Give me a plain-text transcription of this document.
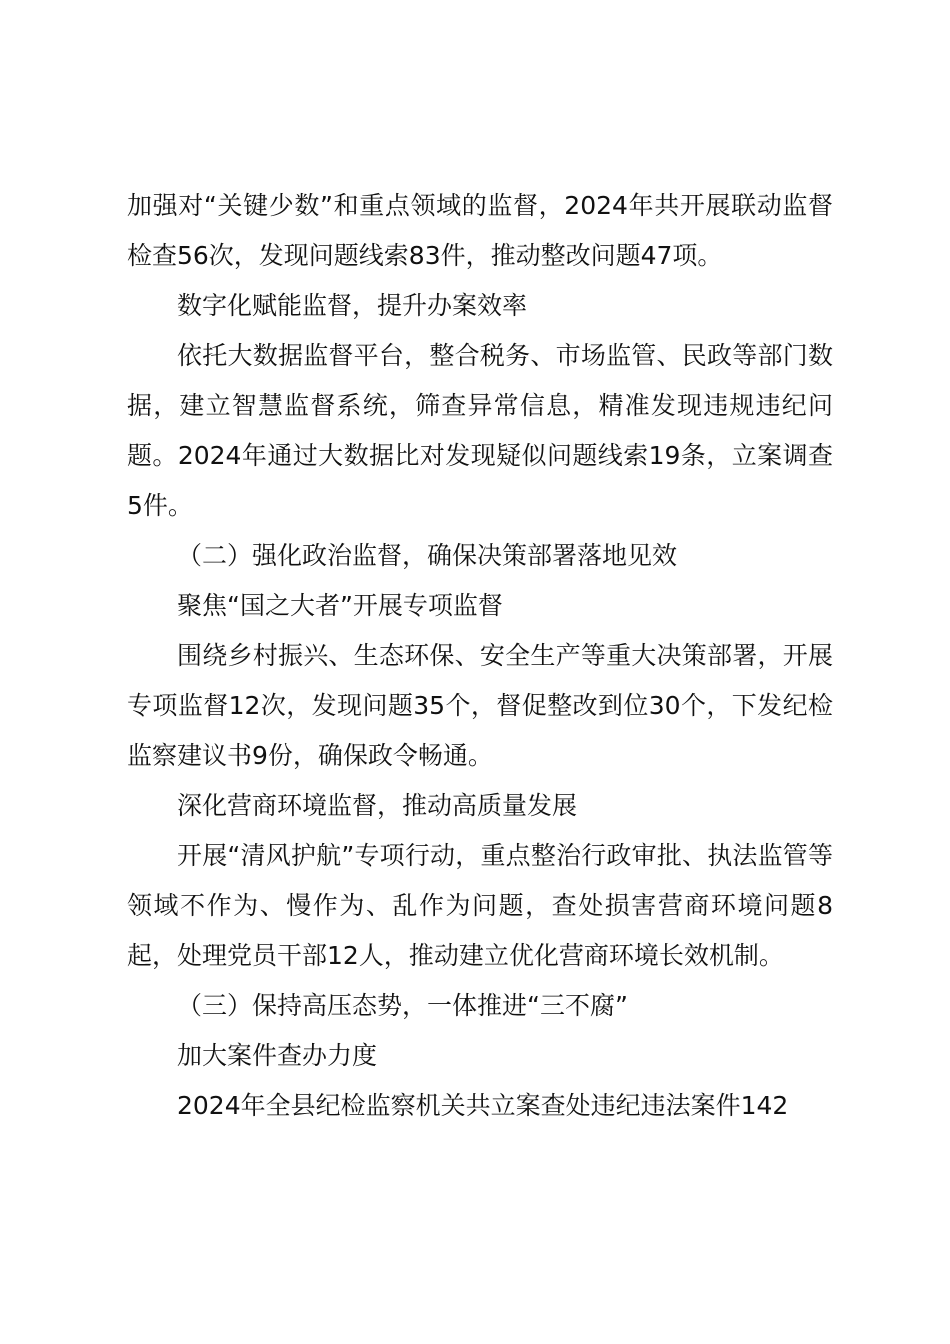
加强对“关键少数”和重点领域的监督，2024年共开展联动监督检查56次，发现问题线索83件，推动整改问题47项。

数字化赋能监督，提升办案效率

依托大数据监督平台，整合税务、市场监管、民政等部门数据，建立智慧监督系统，筛查异常信息，精准发现违规违纪问题。2024年通过大数据比对发现疑似问题线索19条，立案调查5件。

（二）强化政治监督，确保决策部署落地见效

聚焦“国之大者”开展专项监督

围绕乡村振兴、生态环保、安全生产等重大决策部署，开展专项监督12次，发现问题35个，督促整改到位30个，下发纪检监察建议书9份，确保政令畅通。

深化营商环境监督，推动高质量发展

开展“清风护航”专项行动，重点整治行政审批、执法监管等领域不作为、慢作为、乱作为问题，查处损害营商环境问题8起，处理党员干部12人，推动建立优化营商环境长效机制。

（三）保持高压态势，一体推进“三不腐”

加大案件查办力度

2024年全县纪检监察机关共立案查处违纪违法案件142
